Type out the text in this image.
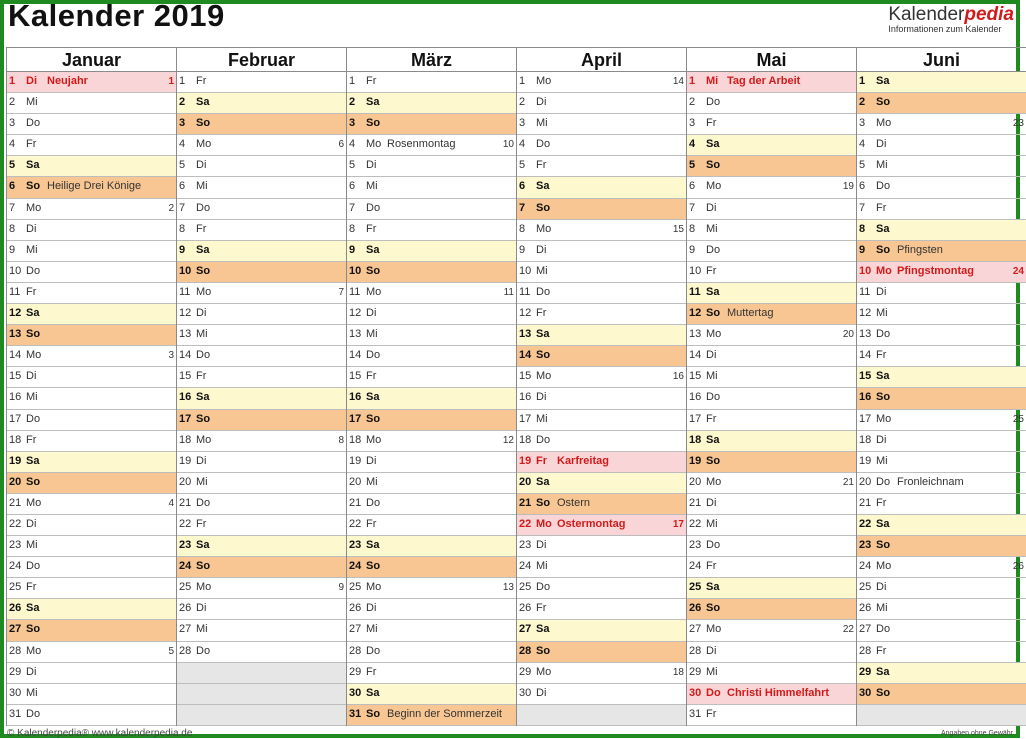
Kalender 2019	Kalenderpedia
Informationen zum Kalender
Januar
1 Di Neujahr	1
2 Mi
3 Do
4 Fr
5 Sa
6 So Heilige Drei Könige
7 Mo	2
8 Di
9 Mi
10 Do
11 Fr
12 Sa
13 So
14 Mo	3
15 Di
16 Mi
17 Do
18 Fr
19 Sa
20 So
21 Mo	4
22 Di
23 Mi
24 Do
25 Fr
26 Sa
27 So
28 Mo	5
29 Di
30 Mi
31 Do
Februar
1 Fr
2 Sa
3 So
4 Mo	6
5 Di
6 Mi
7 Do
8 Fr
9 Sa
10 So
11 Mo	7
12 Di
13 Mi
14 Do
15 Fr
16 Sa
17 So
18 Mo	8
19 Di
20 Mi
21 Do
22 Fr
23 Sa
24 So
25 Mo	9
26 Di
27 Mi
28 Do
März
1 Fr
2 Sa
3 So
4 Mo Rosenmontag	10
5 Di
6 Mi
7 Do
8 Fr
9 Sa
10 So
11 Mo	11
12 Di
13 Mi
14 Do
15 Fr
16 Sa
17 So
18 Mo	12
19 Di
20 Mi
21 Do
22 Fr
23 Sa
24 So
25 Mo	13
26 Di
27 Mi
28 Do
29 Fr
30 Sa
31 So Beginn der Sommerzeit
April
1 Mo	14
2 Di
3 Mi
4 Do
5 Fr
6 Sa
7 So
8 Mo	15
9 Di
10 Mi
11 Do
12 Fr
13 Sa
14 So
15 Mo	16
16 Di
17 Mi
18 Do
19 Fr Karfreitag
20 Sa
21 So Ostern
22 Mo Ostermontag	17
23 Di
24 Mi
25 Do
26 Fr
27 Sa
28 So
29 Mo	18
30 Di
Mai
1 Mi Tag der Arbeit
2 Do
3 Fr
4 Sa
5 So
6 Mo	19
7 Di
8 Mi
9 Do
10 Fr
11 Sa
12 So Muttertag
13 Mo	20
14 Di
15 Mi
16 Do
17 Fr
18 Sa
19 So
20 Mo	21
21 Di
22 Mi
23 Do
24 Fr
25 Sa
26 So
27 Mo	22
28 Di
29 Mi
30 Do Christi Himmelfahrt
31 Fr
Juni
1 Sa
2 So
3 Mo	23
4 Di
5 Mi
6 Do
7 Fr
8 Sa
9 So Pfingsten
10 Mo Pfingstmontag	24
11 Di
12 Mi
13 Do
14 Fr
15 Sa
16 So
17 Mo	25
18 Di
19 Mi
20 Do Fronleichnam
21 Fr
22 Sa
23 So
24 Mo	26
25 Di
26 Mi
27 Do
28 Fr
29 Sa
30 So
© Kalenderpedia® www.kalenderpedia.de	Angaben ohne Gewähr
